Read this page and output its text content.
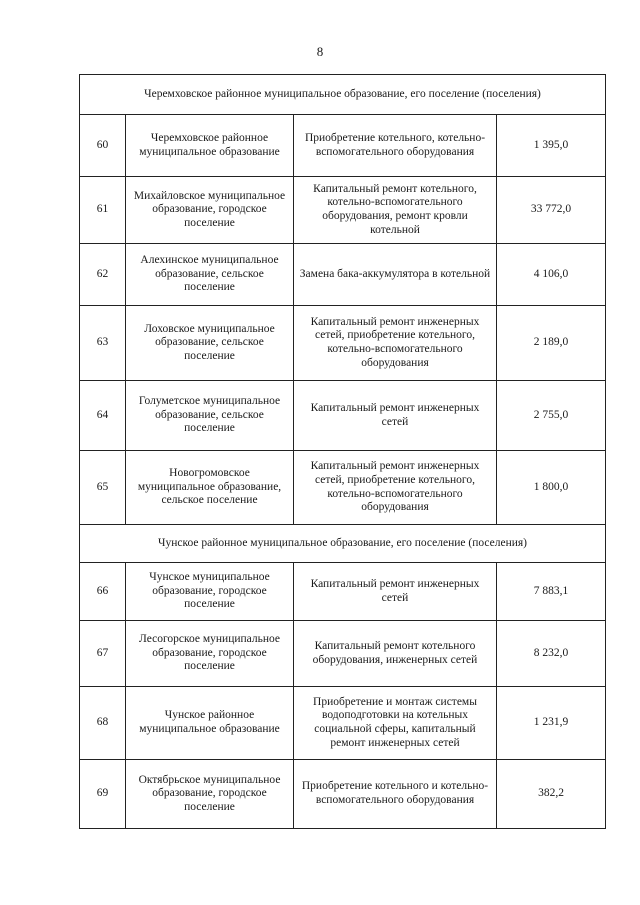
8
Черемховское районное муниципальное образование, его поселение (поселения)			
60	Черемховское районное муниципальное образование	Приобретение котельного, котельно-вспомогательного оборудования	1 395,0
61	Михайловское муниципальное образование, городское поселение	Капитальный ремонт котельного, котельно-вспомогательного оборудования, ремонт кровли котельной	33 772,0
62	Алехинское муниципальное образование, сельское поселение	Замена бака-аккумулятора в котельной	4 106,0
63	Лоховское муниципальное образование, сельское поселение	Капитальный ремонт инженерных сетей, приобретение котельного, котельно-вспомогательного оборудования	2 189,0
64	Голуметское муниципальное образование, сельское поселение	Капитальный ремонт инженерных сетей	2 755,0
65	Новогромовское муниципальное образование, сельское поселение	Капитальный ремонт инженерных сетей, приобретение котельного, котельно-вспомогательного оборудования	1 800,0
Чунское районное муниципальное образование, его поселение (поселения)			
66	Чунское муниципальное образование, городское поселение	Капитальный ремонт инженерных сетей	7 883,1
67	Лесогорское муниципальное образование, городское поселение	Капитальный ремонт котельного оборудования, инженерных сетей	8 232,0
68	Чунское районное муниципальное образование	Приобретение и монтаж системы водоподготовки на котельных социальной сферы, капитальный ремонт инженерных сетей	1 231,9
69	Октябрьское муниципальное образование, городское поселение	Приобретение котельного и котельно-вспомогательного оборудования	382,2
